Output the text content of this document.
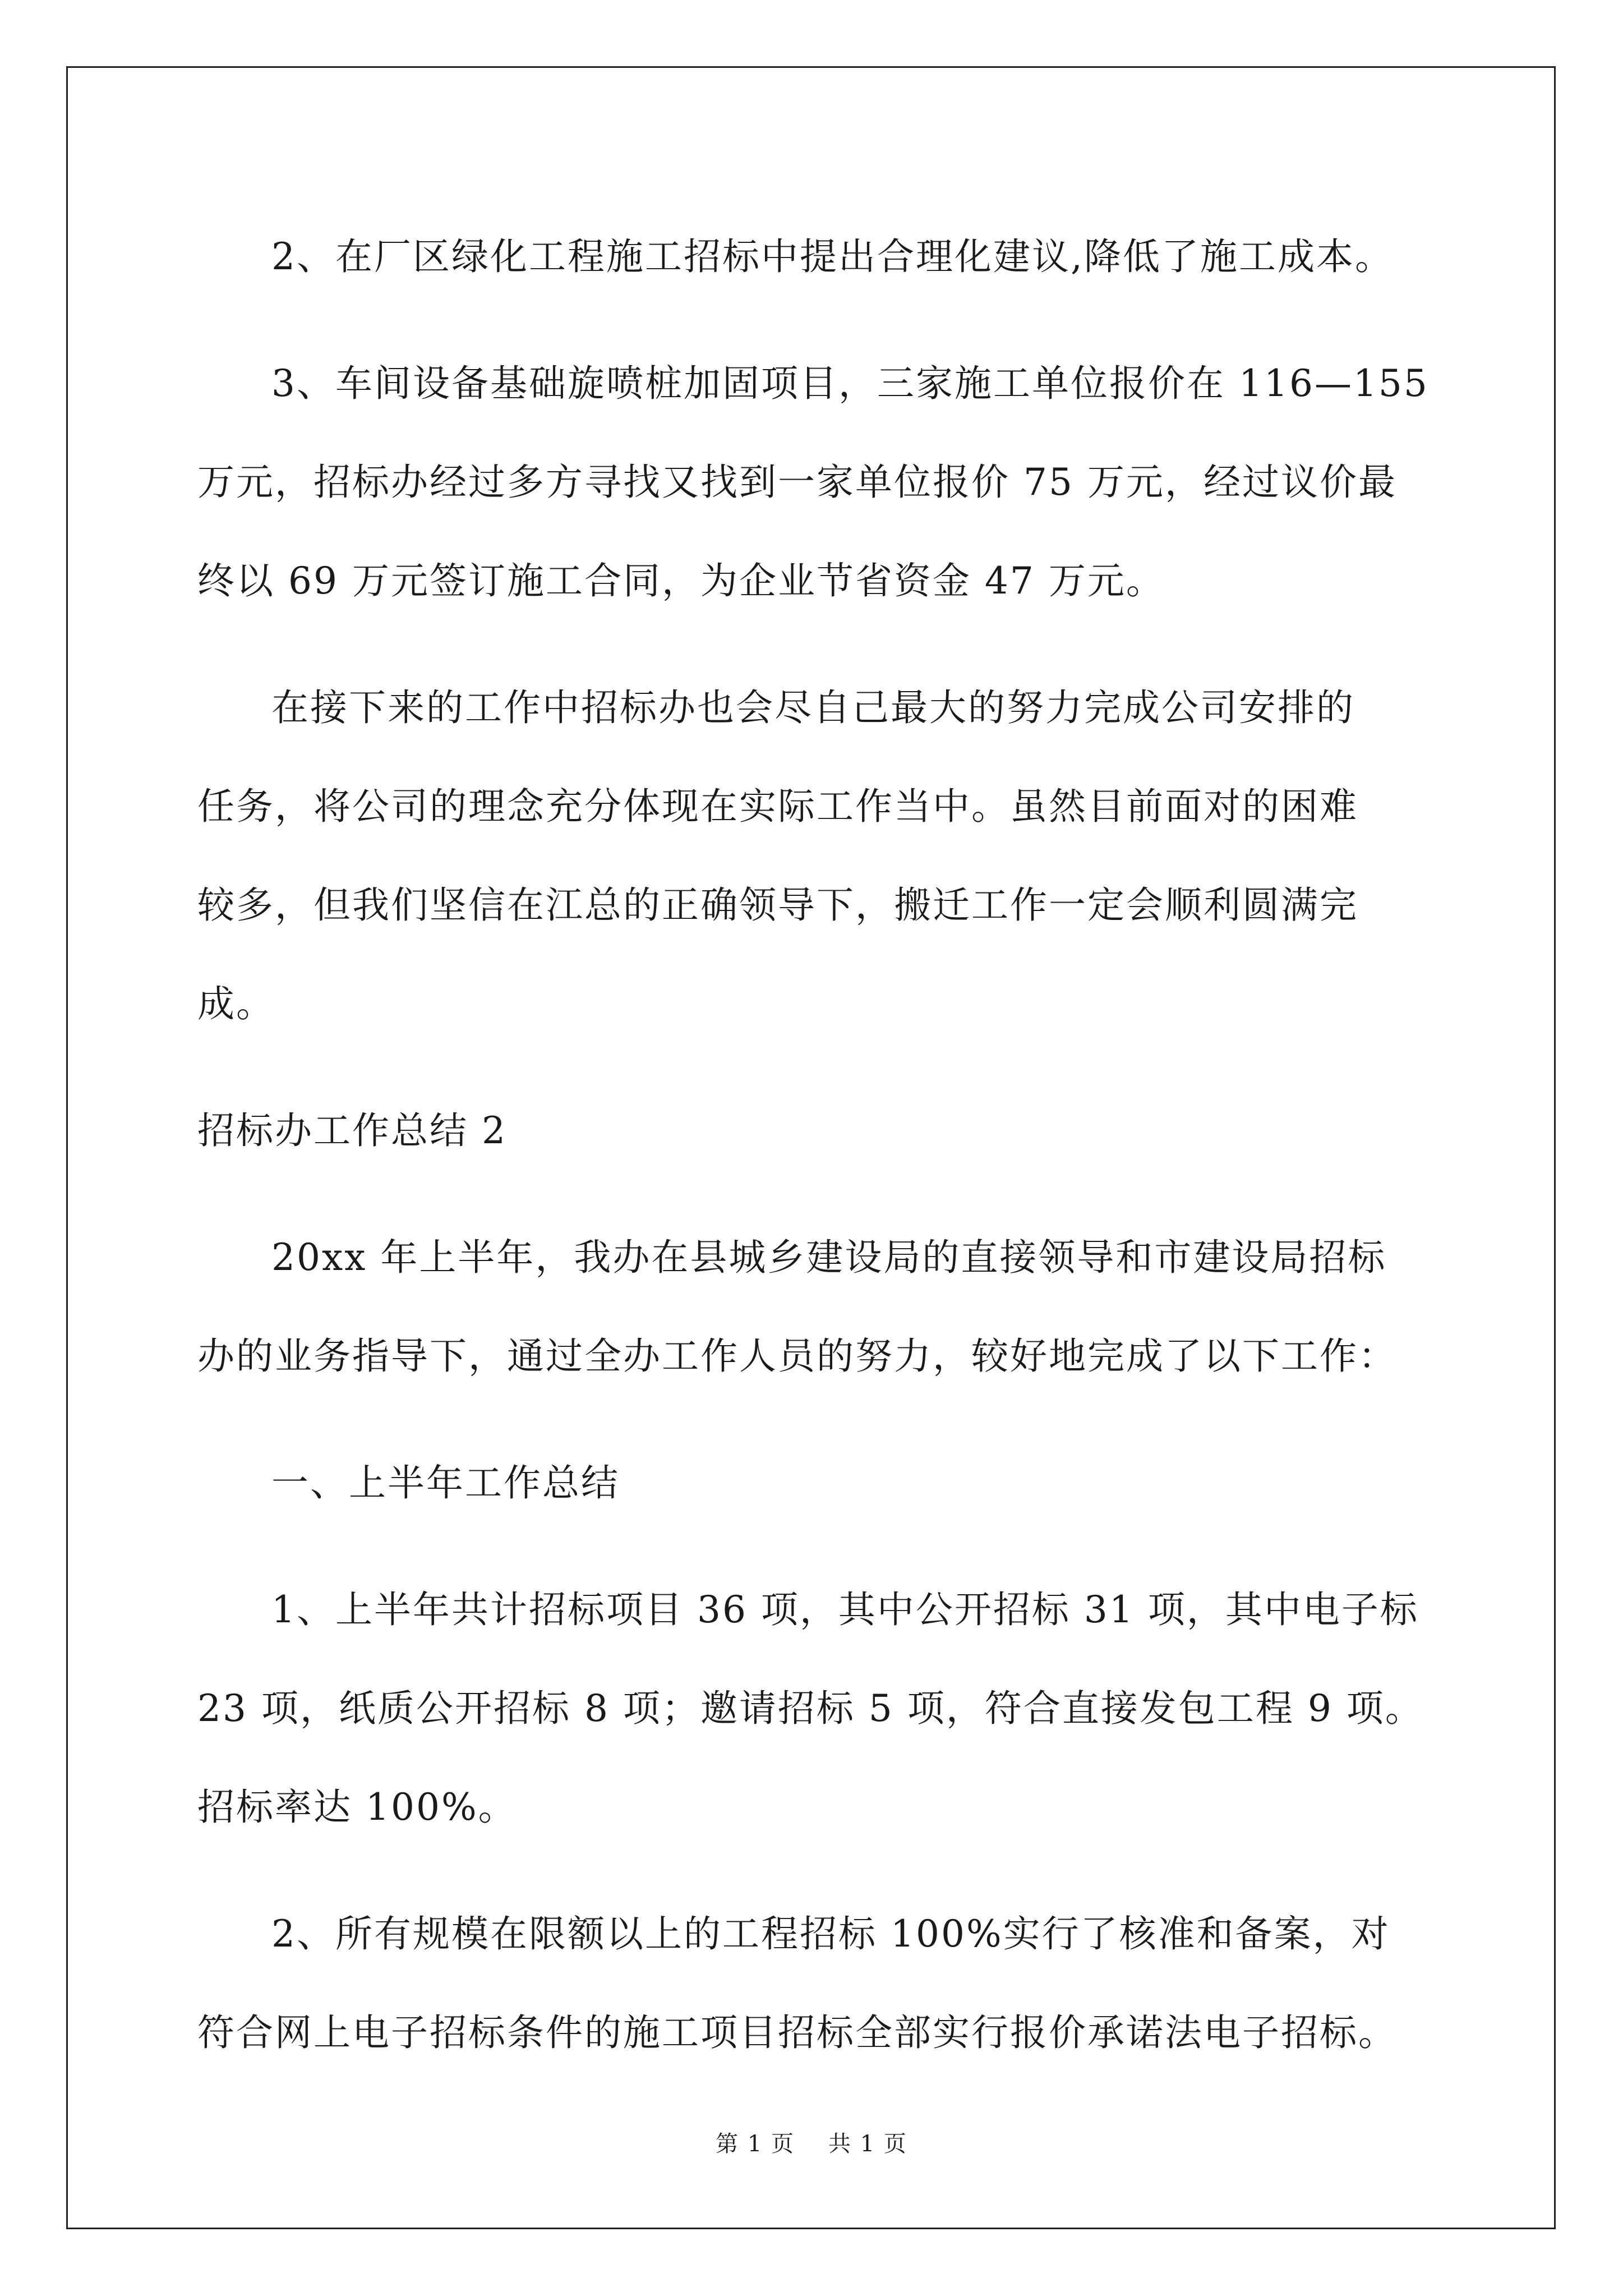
2、在厂区绿化工程施工招标中提出合理化建议,降低了施工成本。
3、车间设备基础旋喷桩加固项目，三家施工单位报价在 116—155
万元，招标办经过多方寻找又找到一家单位报价 75 万元，经过议价最
终以 69 万元签订施工合同，为企业节省资金 47 万元。
在接下来的工作中招标办也会尽自己最大的努力完成公司安排的
任务，将公司的理念充分体现在实际工作当中。虽然目前面对的困难
较多，但我们坚信在江总的正确领导下，搬迁工作一定会顺利圆满完
成。
招标办工作总结 2
20xx 年上半年，我办在县城乡建设局的直接领导和市建设局招标
办的业务指导下，通过全办工作人员的努力，较好地完成了以下工作：
一、上半年工作总结
1、上半年共计招标项目 36 项，其中公开招标 31 项，其中电子标
23 项，纸质公开招标 8 项；邀请招标 5 项，符合直接发包工程 9 项。
招标率达 100%。
2、所有规模在限额以上的工程招标 100%实行了核准和备案，对
符合网上电子招标条件的施工项目招标全部实行报价承诺法电子招标。
第 1 页 共 1 页
